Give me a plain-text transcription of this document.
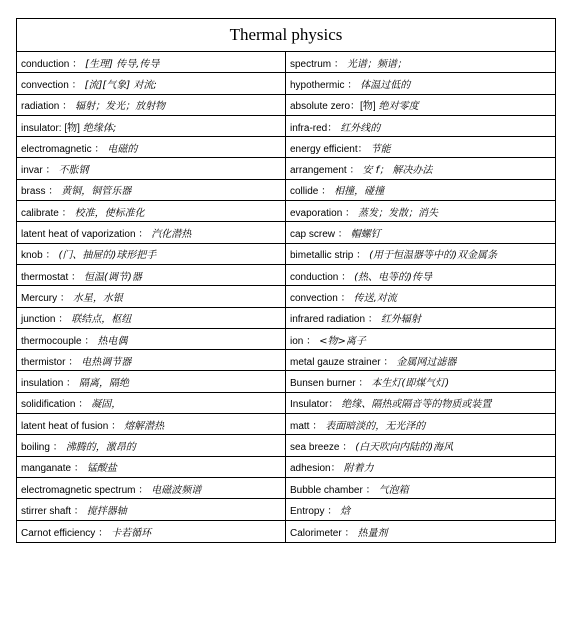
Thermal physics
conduction ： [生理] 传导,传导
convection ： [流][气象] 对流;
radiation ： 辐射；发光；放射物
insulator: [物] 绝缘体;
electromagnetic ： 电磁的
invar ： 不胀钢
brass ： 黄铜，铜管乐器
calibrate ： 校准，使标准化
latent heat of vaporization ： 汽化潜热
knob ： (门、抽屉的)球形把手
thermostat ： 恒温(调节)器
Mercury ： 水星，水银
junction ： 联结点，枢纽
thermocouple ： 热电偶
thermistor ： 电热调节器
insulation ： 隔离，隔绝
solidification ： 凝固，
latent heat of fusion ： 熔解潜热
boiling ： 沸腾的，激昂的
manganate ： 锰酸盐
electromagnetic spectrum ： 电磁波频谱
stirrer shaft ： 搅拌器轴
Carnot efficiency ： 卡若循环
spectrum ： 光谱；频谱；
hypothermic ： 体温过低的
absolute zero：[物] 绝对零度
infra-red： 红外线的
energy efficient： 节能
arrangement ： 安 f； 解决办法
collide ： 相撞，碰撞
evaporation ： 蒸发；发散；消失
cap screw ： 帽螺钉
bimetallic strip ： (用于恒温器等中的)双金属条
conduction ： (热、电等的)传导
convection ： 传送,对流
infrared radiation ： 红外辐射
ion ： <物>离子
metal gauze strainer ： 金属网过滤器
Bunsen burner ： 本生灯(即煤气灯)
Insulator： 绝缘、隔热或隔音等的物质或装置
matt ： 表面暗淡的，无光泽的
sea breeze ： (白天吹向内陆的)海风
adhesion： 附着力
Bubble chamber ： 气泡箱
Entropy ： 焓
Calorimeter ： 热量剂
